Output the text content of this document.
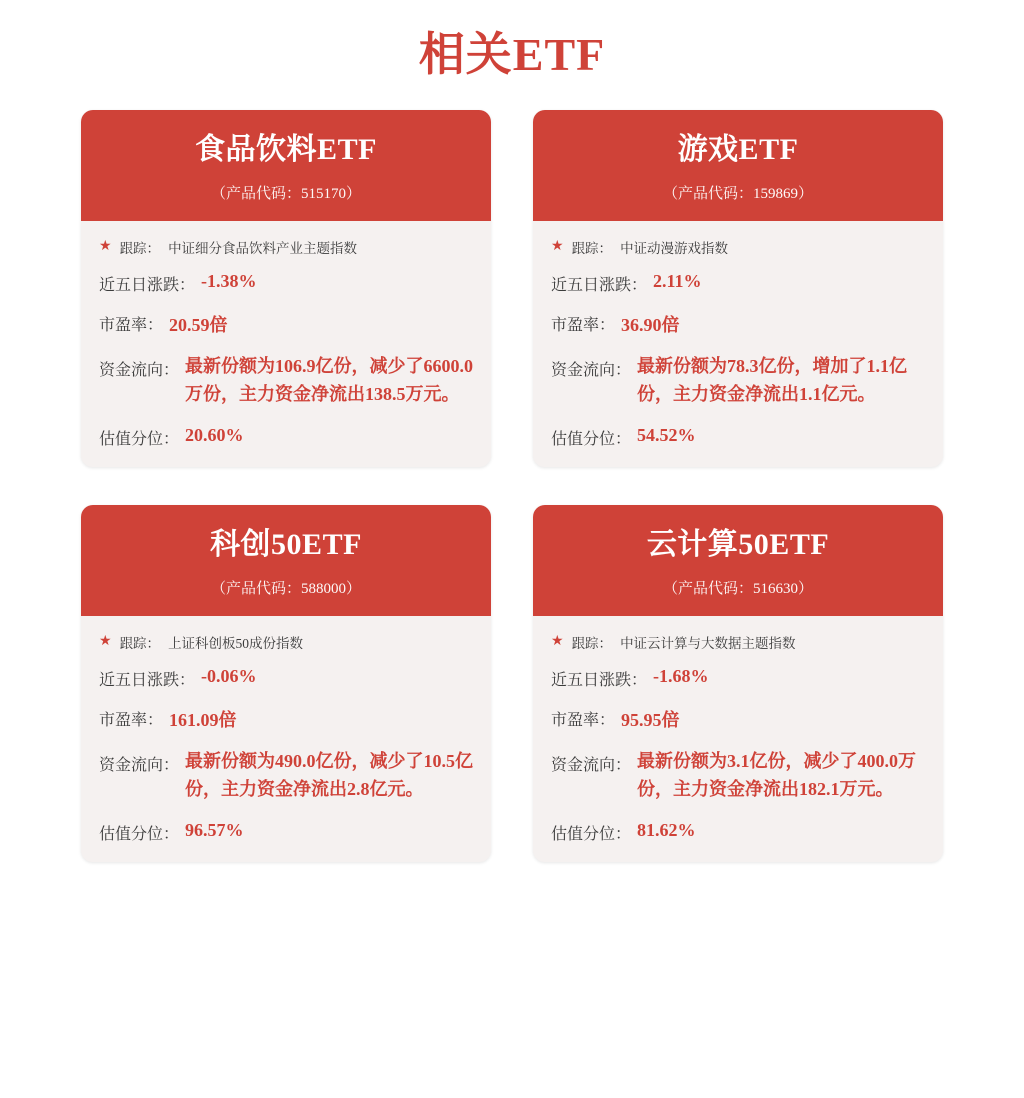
相关ETF
食品饮料ETF
（产品代码：515170）
★ 跟踪： 中证细分食品饮料产业主题指数
近五日涨跌： -1.38%
市盈率： 20.59倍
资金流向： 最新份额为106.9亿份，减少了6600.0万份，主力资金净流出138.5万元。
估值分位： 20.60%
游戏ETF
（产品代码：159869）
★ 跟踪： 中证动漫游戏指数
近五日涨跌： 2.11%
市盈率： 36.90倍
资金流向： 最新份额为78.3亿份，增加了1.1亿份，主力资金净流出1.1亿元。
估值分位： 54.52%
科创50ETF
（产品代码：588000）
★ 跟踪： 上证科创板50成份指数
近五日涨跌： -0.06%
市盈率： 161.09倍
资金流向： 最新份额为490.0亿份，减少了10.5亿份，主力资金净流出2.8亿元。
估值分位： 96.57%
云计算50ETF
（产品代码：516630）
★ 跟踪： 中证云计算与大数据主题指数
近五日涨跌： -1.68%
市盈率： 95.95倍
资金流向： 最新份额为3.1亿份，减少了400.0万份，主力资金净流出182.1万元。
估值分位： 81.62%
